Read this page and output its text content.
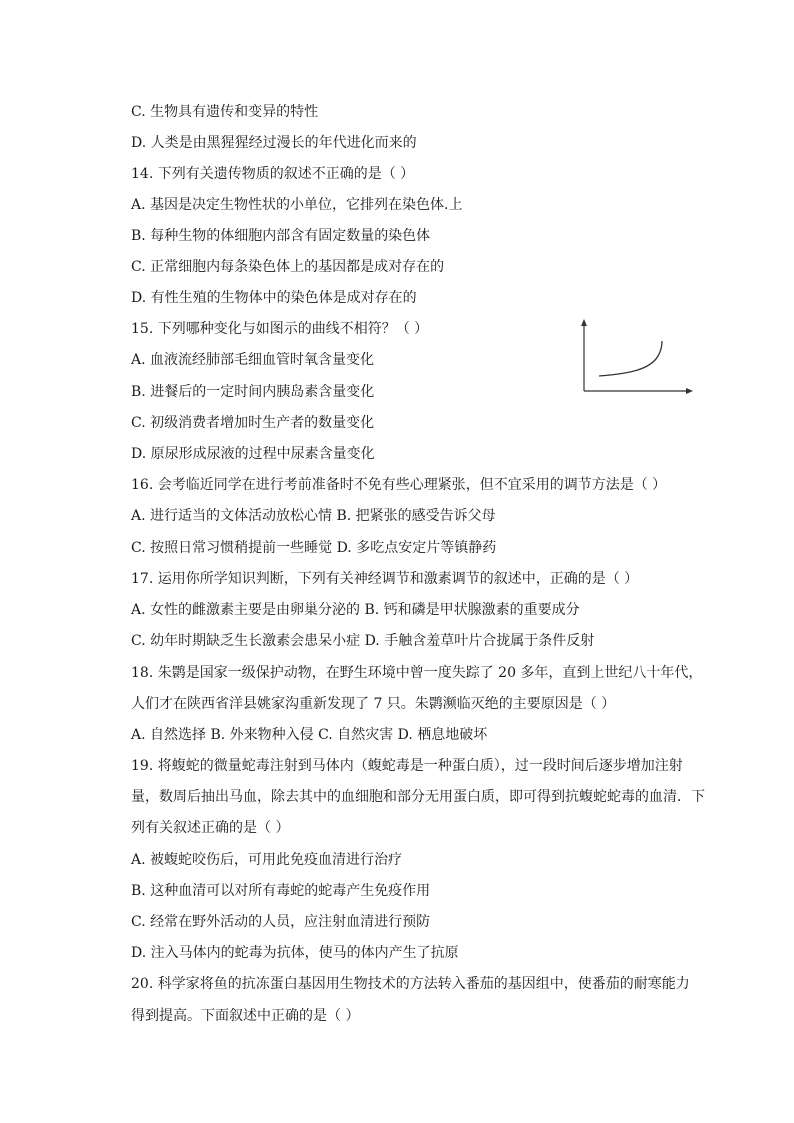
C. 生物具有遗传和变异的特性
D. 人类是由黑猩猩经过漫长的年代进化而来的
14. 下列有关遗传物质的叙述不正确的是（ ）
A. 基因是决定生物性状的小单位，它排列在染色体.上
B. 每种生物的体细胞内部含有固定数量的染色体
C. 正常细胞内每条染色体上的基因都是成对存在的
D. 有性生殖的生物体中的染色体是成对存在的
15. 下列哪种变化与如图示的曲线不相符？（ ）
A. 血液流经肺部毛细血管时氧含量变化
B. 进餐后的一定时间内胰岛素含量变化
C. 初级消费者增加时生产者的数量变化
D. 原尿形成尿液的过程中尿素含量变化
16. 会考临近同学在进行考前准备时不免有些心理紧张，但不宜采用的调节方法是（ ）
A. 进行适当的文体活动放松心情 B. 把紧张的感受告诉父母
C. 按照日常习惯稍提前一些睡觉 D. 多吃点安定片等镇静药
17. 运用你所学知识判断，下列有关神经调节和激素调节的叙述中，正确的是（ ）
A. 女性的雌激素主要是由卵巢分泌的 B. 钙和磷是甲状腺激素的重要成分
C. 幼年时期缺乏生长激素会患呆小症 D. 手触含羞草叶片合拢属于条件反射
18. 朱鹮是国家一级保护动物，在野生环境中曾一度失踪了 20 多年，直到上世纪八十年代，
人们才在陕西省洋县姚家沟重新发现了 7 只。朱鹮濒临灭绝的主要原因是（ ）
A. 自然选择 B. 外来物种入侵 C. 自然灾害 D. 栖息地破坏
19. 将蝮蛇的微量蛇毒注射到马体内（蝮蛇毒是一种蛋白质），过一段时间后逐步增加注射
量，数周后抽出马血，除去其中的血细胞和部分无用蛋白质，即可得到抗蝮蛇蛇毒的血清．下
列有关叙述正确的是（ ）
A. 被蝮蛇咬伤后，可用此免疫血清进行治疗
B. 这种血清可以对所有毒蛇的蛇毒产生免疫作用
C. 经常在野外活动的人员，应注射血清进行预防
D. 注入马体内的蛇毒为抗体，使马的体内产生了抗原
20. 科学家将鱼的抗冻蛋白基因用生物技术的方法转入番茄的基因组中，使番茄的耐寒能力
得到提高。下面叙述中正确的是（ ）
